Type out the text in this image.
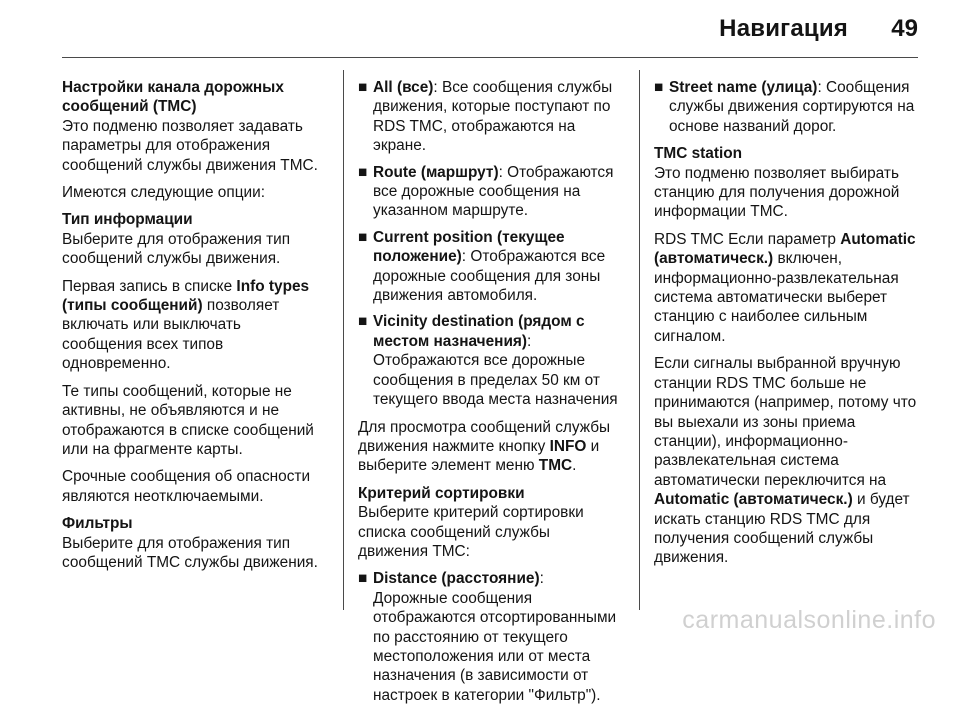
Навигация 49
Настройки канала дорожных сообщений (TMC)

Это подменю позволяет задавать параметры для отображения сообщений службы движения TMC.

Имеются следующие опции:

Тип информации

Выберите для отображения тип сообщений службы движения.

Первая запись в списке Info types (типы сообщений) позволяет включать или выключать сообщения всех типов одновременно.

Те типы сообщений, которые не активны, не объявляются и не отображаются в списке сообщений или на фрагменте карты.

Срочные сообщения об опасности являются неотключаемыми.

Фильтры

Выберите для отображения тип сообщений TMC службы движения.

■ All (все): Все сообщения службы движения, которые поступают по RDS TMC, отображаются на экране.
■ Route (маршрут): Отображаются все дорожные сообщения на указанном маршруте.
■ Current position (текущее положение): Отображаются все дорожные сообщения для зоны движения автомобиля.
■ Vicinity destination (рядом с местом назначения): Отображаются все дорожные сообщения в пределах 50 км от текущего ввода места назначения

Для просмотра сообщений службы движения нажмите кнопку INFO и выберите элемент меню TMC.

Критерий сортировки

Выберите критерий сортировки списка сообщений службы движения TMC:

■ Distance (расстояние): Дорожные сообщения отображаются отсортированными по расстоянию от текущего местоположения или от места назначения (в зависимости от настроек в категории "Фильтр").
■ Street name (улица): Сообщения службы движения сортируются на основе названий дорог.
TMC station

Это подменю позволяет выбирать станцию для получения дорожной информации TMC.

RDS TMC Если параметр Automatic (автоматическ.) включен, информационно-развлекательная система автоматически выберет станцию с наиболее сильным сигналом.

Если сигналы выбранной вручную станции RDS TMC больше не принимаются (например, потому что вы выехали из зоны приема станции), информационно-развлекательная система автоматически переключится на Automatic (автоматическ.) и будет искать станцию RDS TMC для получения сообщений службы движения.

carmanualsonline.info
